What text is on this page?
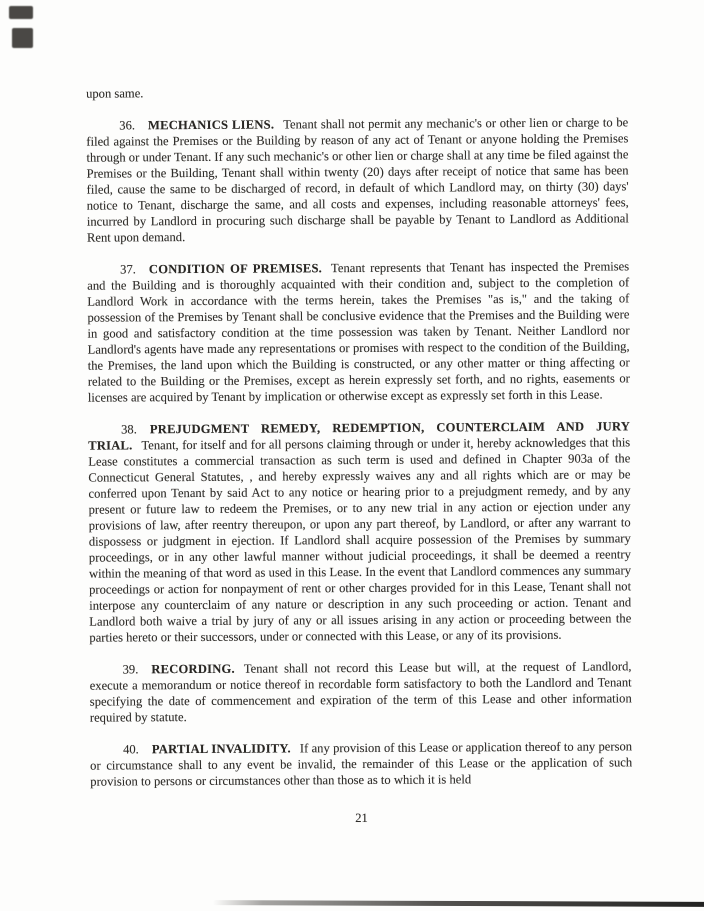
upon same.

36. MECHANICS LIENS. Tenant shall not permit any mechanic's or other lien or charge to be filed against the Premises or the Building by reason of any act of Tenant or anyone holding the Premises through or under Tenant. If any such mechanic's or other lien or charge shall at any time be filed against the Premises or the Building, Tenant shall within twenty (20) days after receipt of notice that same has been filed, cause the same to be discharged of record, in default of which Landlord may, on thirty (30) days' notice to Tenant, discharge the same, and all costs and expenses, including reasonable attorneys' fees, incurred by Landlord in procuring such discharge shall be payable by Tenant to Landlord as Additional Rent upon demand.

37. CONDITION OF PREMISES. Tenant represents that Tenant has inspected the Premises and the Building and is thoroughly acquainted with their condition and, subject to the completion of Landlord Work in accordance with the terms herein, takes the Premises "as is," and the taking of possession of the Premises by Tenant shall be conclusive evidence that the Premises and the Building were in good and satisfactory condition at the time possession was taken by Tenant. Neither Landlord nor Landlord's agents have made any representations or promises with respect to the condition of the Building, the Premises, the land upon which the Building is constructed, or any other matter or thing affecting or related to the Building or the Premises, except as herein expressly set forth, and no rights, easements or licenses are acquired by Tenant by implication or otherwise except as expressly set forth in this Lease.

38. PREJUDGMENT REMEDY, REDEMPTION, COUNTERCLAIM AND JURY TRIAL. Tenant, for itself and for all persons claiming through or under it, hereby acknowledges that this Lease constitutes a commercial transaction as such term is used and defined in Chapter 903a of the Connecticut General Statutes, , and hereby expressly waives any and all rights which are or may be conferred upon Tenant by said Act to any notice or hearing prior to a prejudgment remedy, and by any present or future law to redeem the Premises, or to any new trial in any action or ejection under any provisions of law, after reentry thereupon, or upon any part thereof, by Landlord, or after any warrant to dispossess or judgment in ejection. If Landlord shall acquire possession of the Premises by summary proceedings, or in any other lawful manner without judicial proceedings, it shall be deemed a reentry within the meaning of that word as used in this Lease. In the event that Landlord commences any summary proceedings or action for nonpayment of rent or other charges provided for in this Lease, Tenant shall not interpose any counterclaim of any nature or description in any such proceeding or action. Tenant and Landlord both waive a trial by jury of any or all issues arising in any action or proceeding between the parties hereto or their successors, under or connected with this Lease, or any of its provisions.

39. RECORDING. Tenant shall not record this Lease but will, at the request of Landlord, execute a memorandum or notice thereof in recordable form satisfactory to both the Landlord and Tenant specifying the date of commencement and expiration of the term of this Lease and other information required by statute.

40. PARTIAL INVALIDITY. If any provision of this Lease or application thereof to any person or circumstance shall to any event be invalid, the remainder of this Lease or the application of such provision to persons or circumstances other than those as to which it is held

21
